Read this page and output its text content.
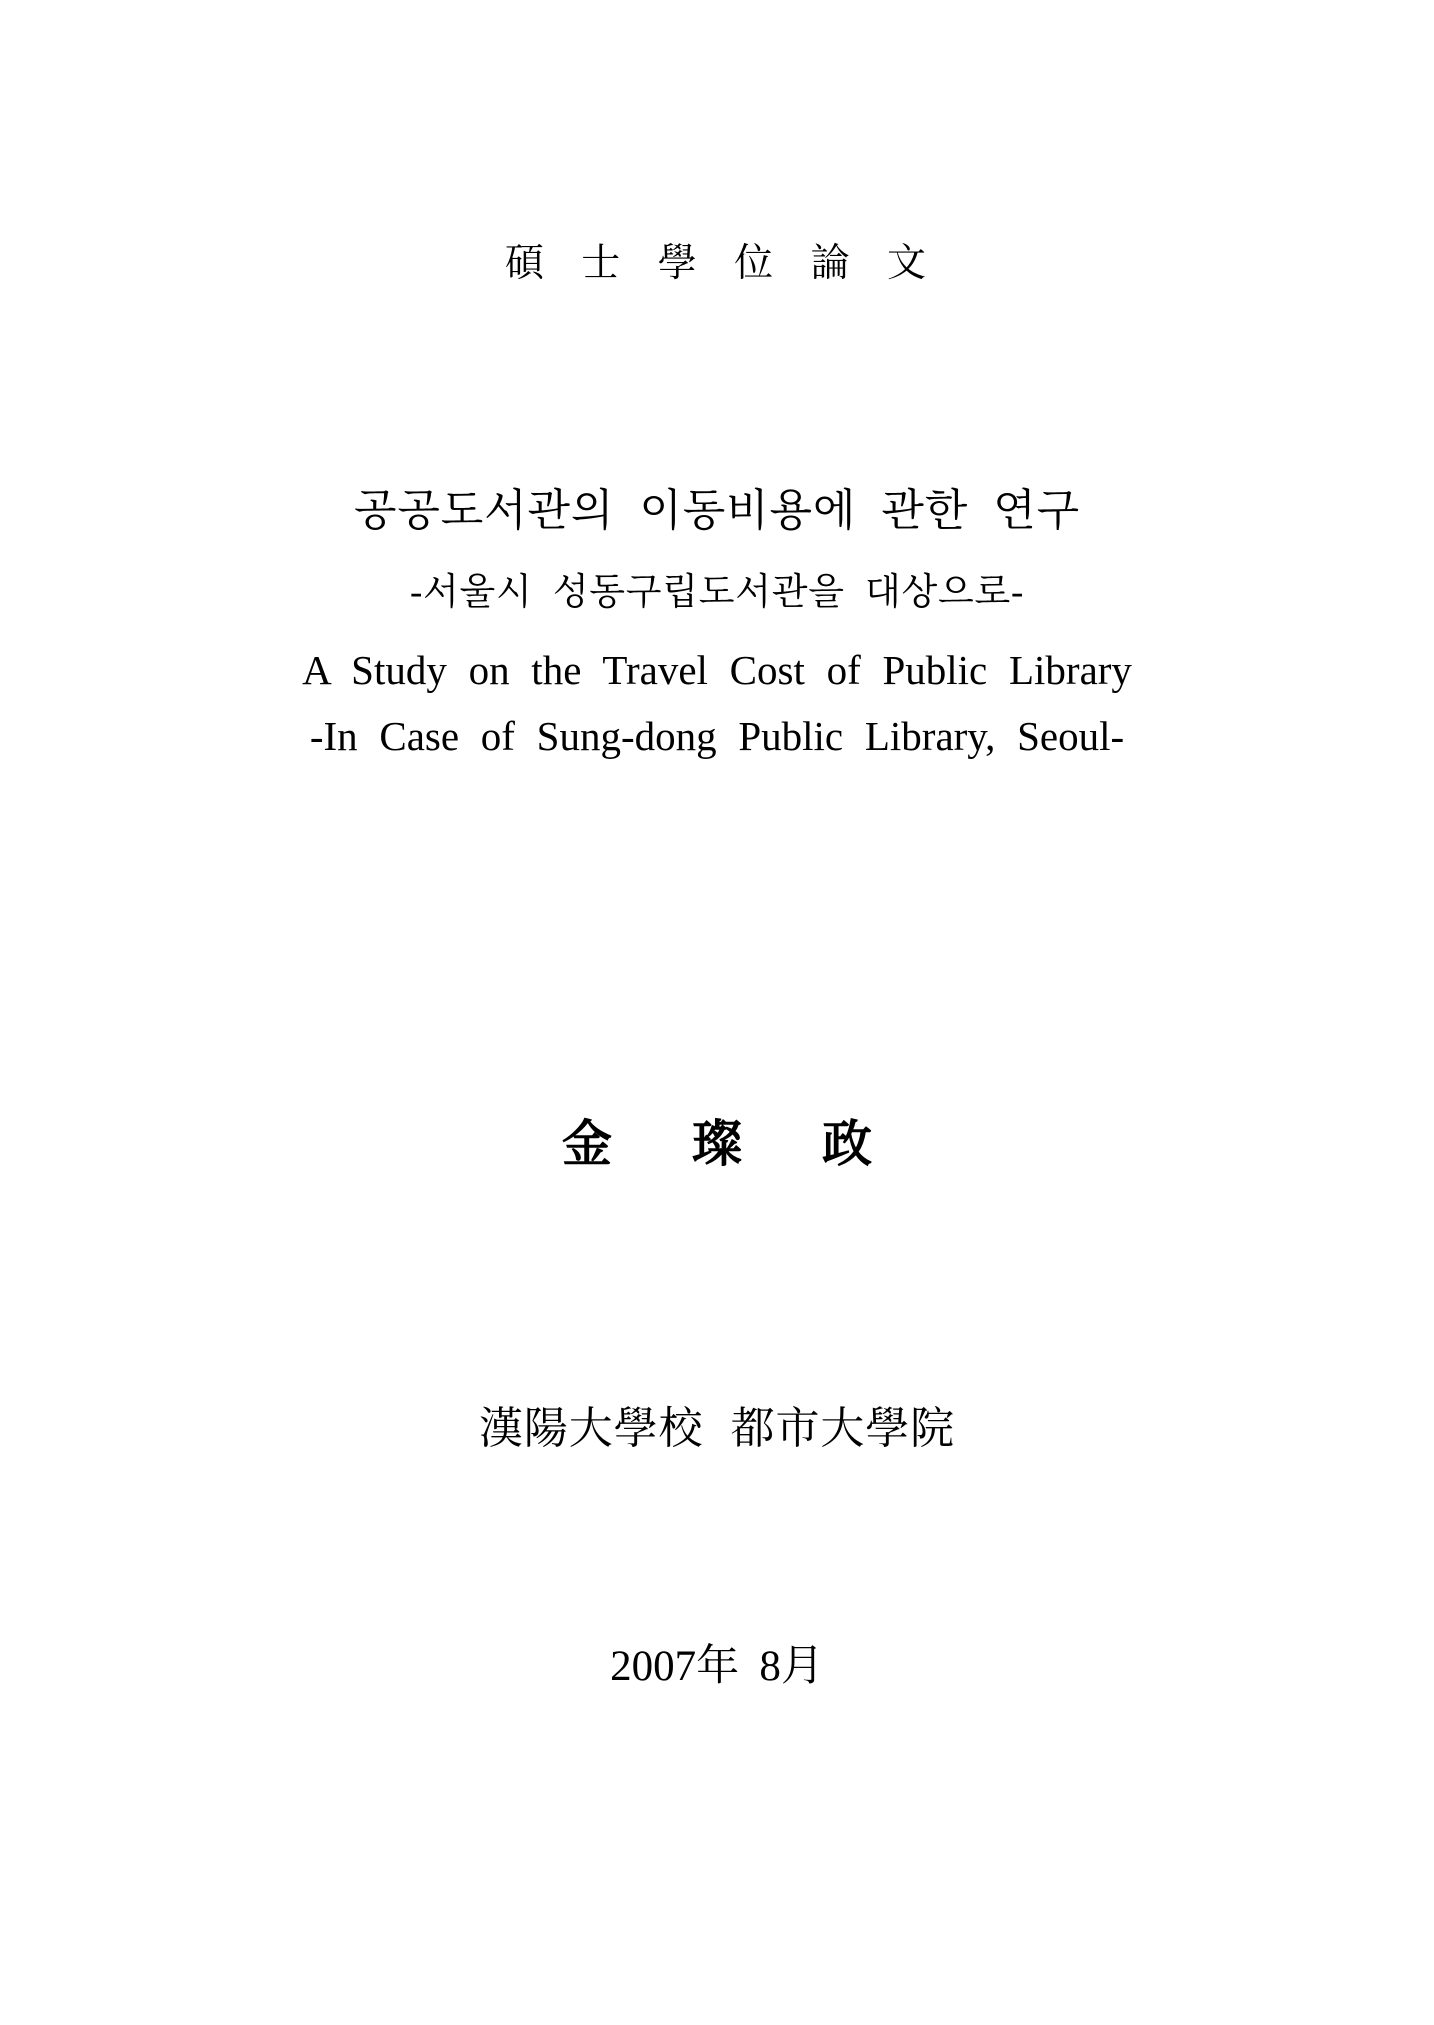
碩 士 學 位 論 文
공공도서관의 이동비용에 관한 연구
-서울시 성동구립도서관을 대상으로-
A Study on the Travel Cost of Public Library
-In Case of Sung-dong Public Library, Seoul-
金 璨 政
漢陽大學校 都市大學院
2007年 8月
